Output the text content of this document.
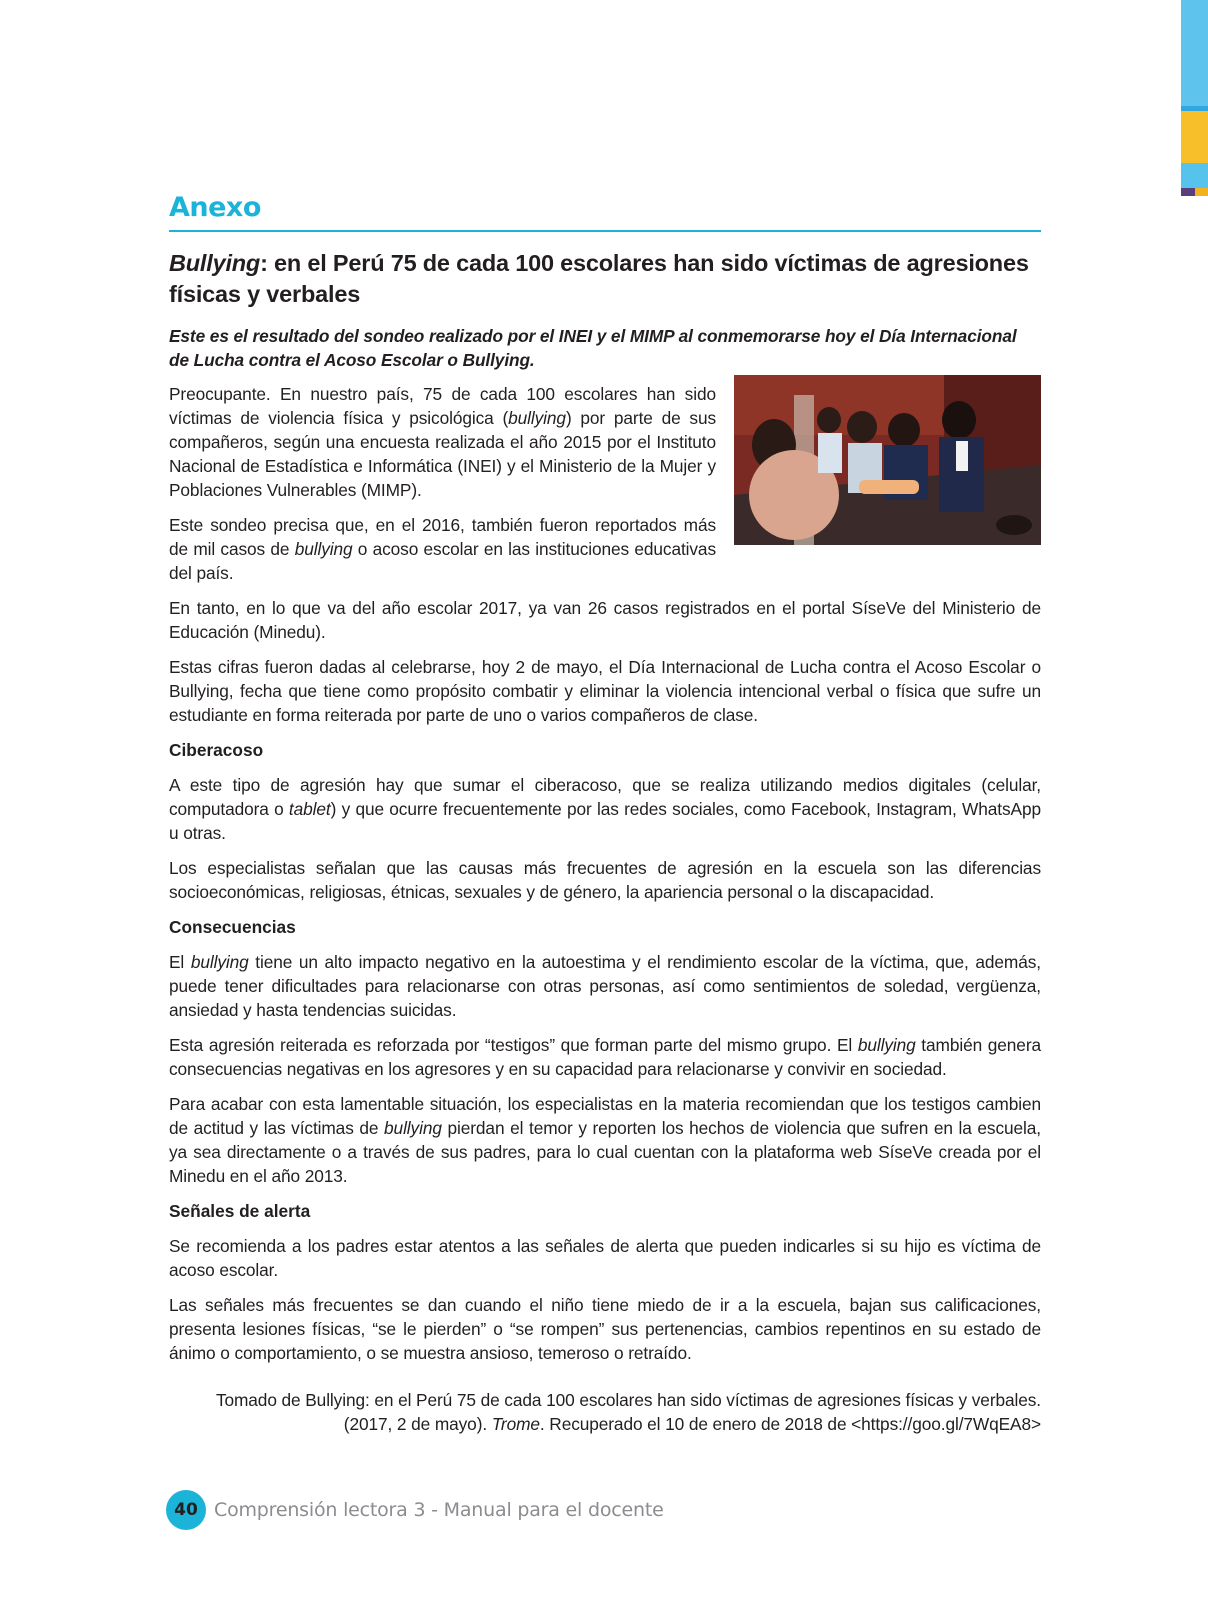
Anexo
Bullying: en el Perú 75 de cada 100 escolares han sido víctimas de agresiones físicas y verbales

Este es el resultado del sondeo realizado por el INEI y el MIMP al conmemorarse hoy el Día Internacional de Lucha contra el Acoso Escolar o Bullying.

Preocupante. En nuestro país, 75 de cada 100 escolares han sido víctimas de violencia física y psicológica (bullying) por parte de sus compañeros, según una encuesta realizada el año 2015 por el Instituto Nacional de Estadística e Informática (INEI) y el Ministerio de la Mujer y Poblaciones Vulnerables (MIMP).

Este sondeo precisa que, en el 2016, también fueron reportados más de mil casos de bullying o acoso escolar en las instituciones educativas del país.

En tanto, en lo que va del año escolar 2017, ya van 26 casos registrados en el portal SíseVe del Ministerio de Educación (Minedu).

Estas cifras fueron dadas al celebrarse, hoy 2 de mayo, el Día Internacional de Lucha contra el Acoso Escolar o Bullying, fecha que tiene como propósito combatir y eliminar la violencia intencional verbal o física que sufre un estudiante en forma reiterada por parte de uno o varios compañeros de clase.

Ciberacoso

A este tipo de agresión hay que sumar el ciberacoso, que se realiza utilizando medios digitales (celular, computadora o tablet) y que ocurre frecuentemente por las redes sociales, como Facebook, Instagram, WhatsApp u otras.

Los especialistas señalan que las causas más frecuentes de agresión en la escuela son las diferencias socioeconómicas, religiosas, étnicas, sexuales y de género, la apariencia personal o la discapacidad.

Consecuencias

El bullying tiene un alto impacto negativo en la autoestima y el rendimiento escolar de la víctima, que, además, puede tener dificultades para relacionarse con otras personas, así como sentimientos de soledad, vergüenza, ansiedad y hasta tendencias suicidas.

Esta agresión reiterada es reforzada por “testigos” que forman parte del mismo grupo. El bullying también genera consecuencias negativas en los agresores y en su capacidad para relacionarse y convivir en sociedad.

Para acabar con esta lamentable situación, los especialistas en la materia recomiendan que los testigos cambien de actitud y las víctimas de bullying pierdan el temor y reporten los hechos de violencia que sufren en la escuela, ya sea directamente o a través de sus padres, para lo cual cuentan con la plataforma web SíseVe creada por el Minedu en el año 2013.

Señales de alerta

Se recomienda a los padres estar atentos a las señales de alerta que pueden indicarles si su hijo es víctima de acoso escolar.

Las señales más frecuentes se dan cuando el niño tiene miedo de ir a la escuela, bajan sus calificaciones, presenta lesiones físicas, “se le pierden” o “se rompen” sus pertenencias, cambios repentinos en su estado de ánimo o comportamiento, o se muestra ansioso, temeroso o retraído.

Tomado de Bullying: en el Perú 75 de cada 100 escolares han sido víctimas de agresiones físicas y verbales. (2017, 2 de mayo). Trome. Recuperado el 10 de enero de 2018 de <https://goo.gl/7WqEA8>

40 Comprensión lectora 3 - Manual para el docente
